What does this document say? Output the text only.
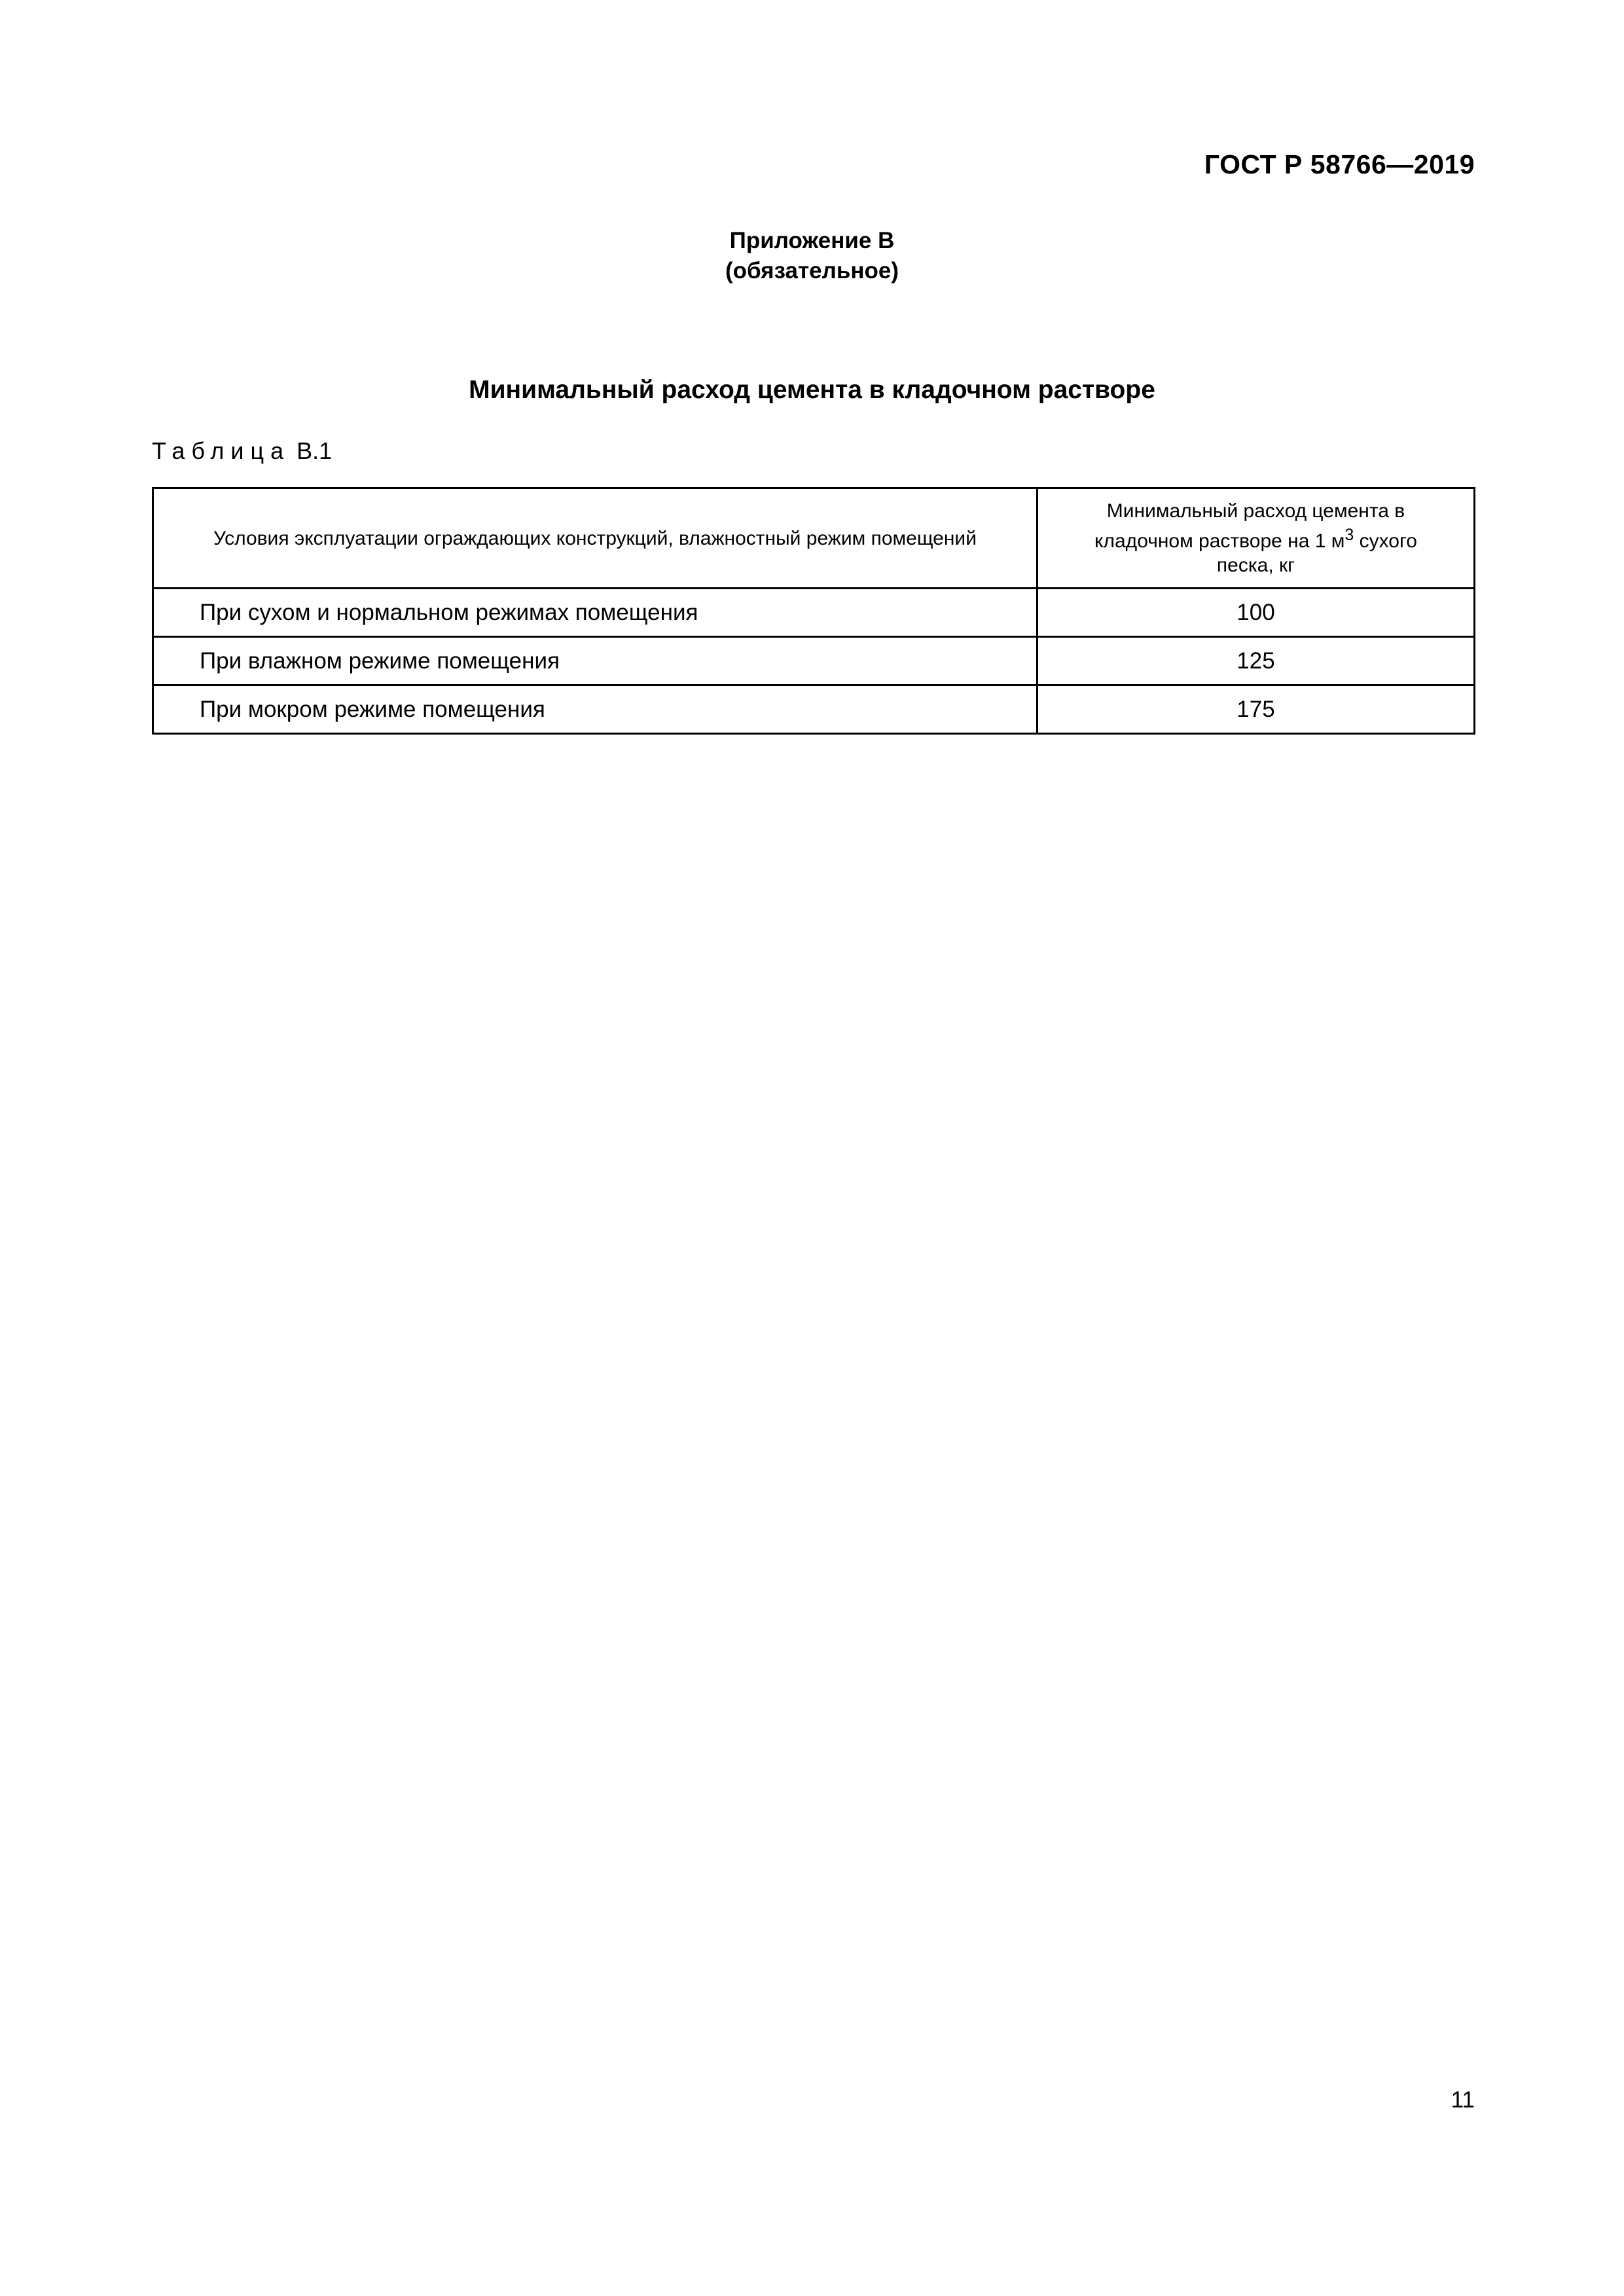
ГОСТ Р 58766—2019
Приложение В
(обязательное)
Минимальный расход цемента в кладочном растворе
Таблица В.1
Условия эксплуатации ограждающих конструкций, влажностный режим помещений	Минимальный расход цемента в кладочном растворе на 1 $м^3$ сухого песка, кг

При сухом и нормальном режимах помещения	100
При влажном режиме помещения	125
При мокром режиме помещения	175
11
